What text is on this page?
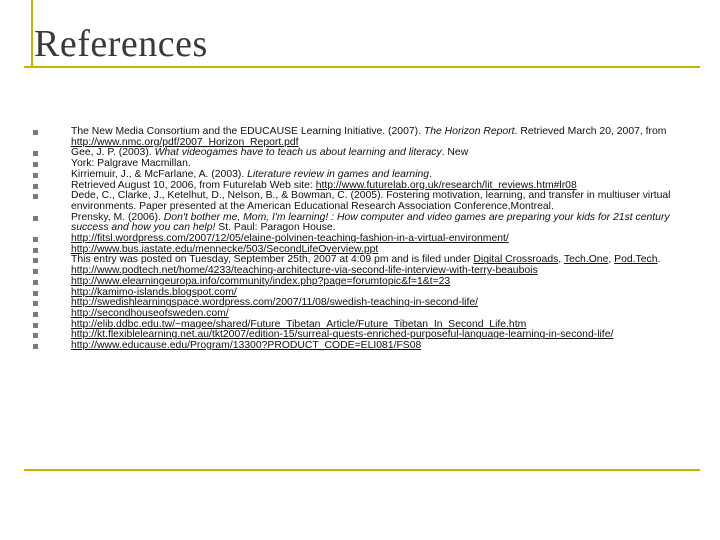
References
The New Media Consortium and the EDUCAUSE Learning Initiative. (2007). The Horizon Report. Retrieved March 20, 2007, from http://www.nmc.org/pdf/2007_Horizon_Report.pdf
Gee, J. P. (2003). What videogames have to teach us about learning and literacy. New
York: Palgrave Macmillan.
Kirriemuir, J., & McFarlane, A. (2003). Literature review in games and learning.
Retrieved August 10, 2006, from Futurelab Web site: http://www.futurelab.org.uk/research/lit_reviews.htm#lr08
Dede, C., Clarke, J., Ketelhut, D., Nelson, B., & Bowman, C. (2005). Fostering motivation, learning, and transfer in multiuser virtual environments. Paper presented at the American Educational Research Association Conference,Montreal.
Prensky, M. (2006). Don't bother me, Mom, I'm learning! : How computer and video games are preparing your kids for 21st century success and how you can help! St. Paul: Paragon House.
http://fitsl.wordpress.com/2007/12/05/elaine-polvinen-teaching-fashion-in-a-virtual-environment/
http://www.bus.iastate.edu/mennecke/503/SecondLifeOverview.ppt
This entry was posted on Tuesday, September 25th, 2007 at 4:09 pm and is filed under Digital Crossroads, Tech.One, Pod.Tech.
http://www.podtech.net/home/4233/teaching-architecture-via-second-life-interview-with-terry-beaubois
http://www.elearningeuropa.info/community/index.php?page=forumtopic&f=1&t=23
http://kamimo-islands.blogspot.com/
http://swedishlearningspace.wordpress.com/2007/11/08/swedish-teaching-in-second-life/
http://secondhouseofsweden.com/
http://elib.ddbc.edu.tw/~magee/shared/Future_Tibetan_Article/Future_Tibetan_In_Second_Life.htm
http://kt.flexiblelearning.net.au/tkt2007/edition-15/surreal-quests-enriched-purposeful-language-learning-in-second-life/
http://www.educause.edu/Program/13300?PRODUCT_CODE=ELI081/FS08
